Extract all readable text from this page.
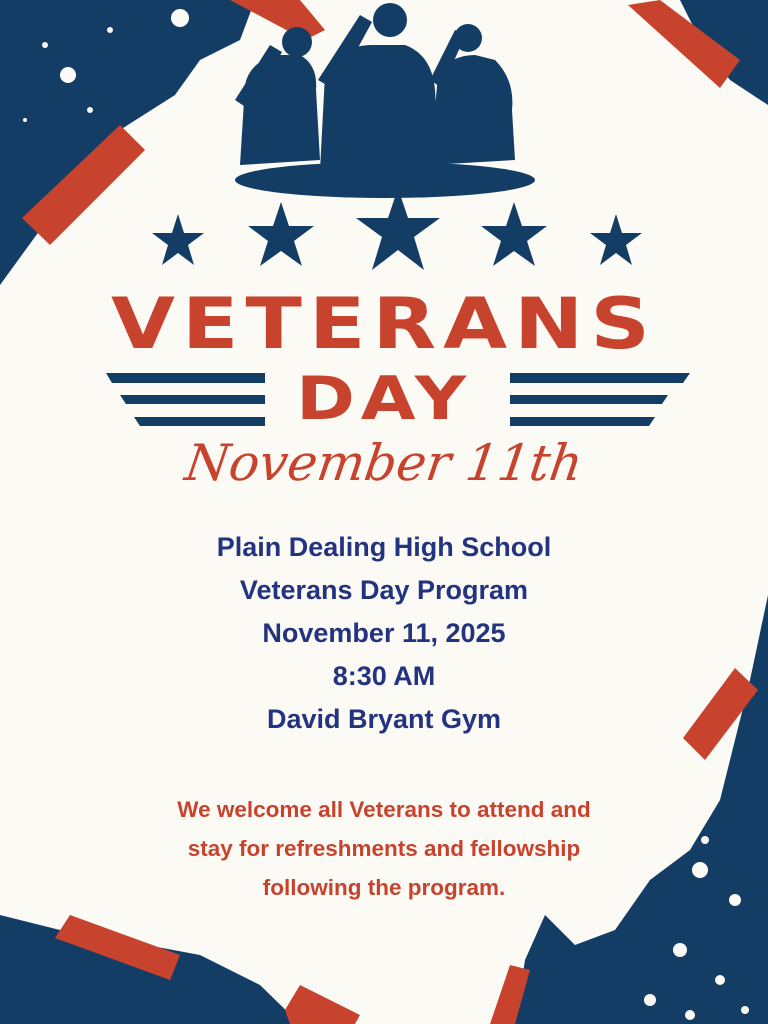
VETERANS
DAY
November 11th
Plain Dealing High School
Veterans Day Program
November 11, 2025
8:30 AM
David Bryant Gym
We welcome all Veterans to attend and
stay for refreshments and fellowship
following the program.
